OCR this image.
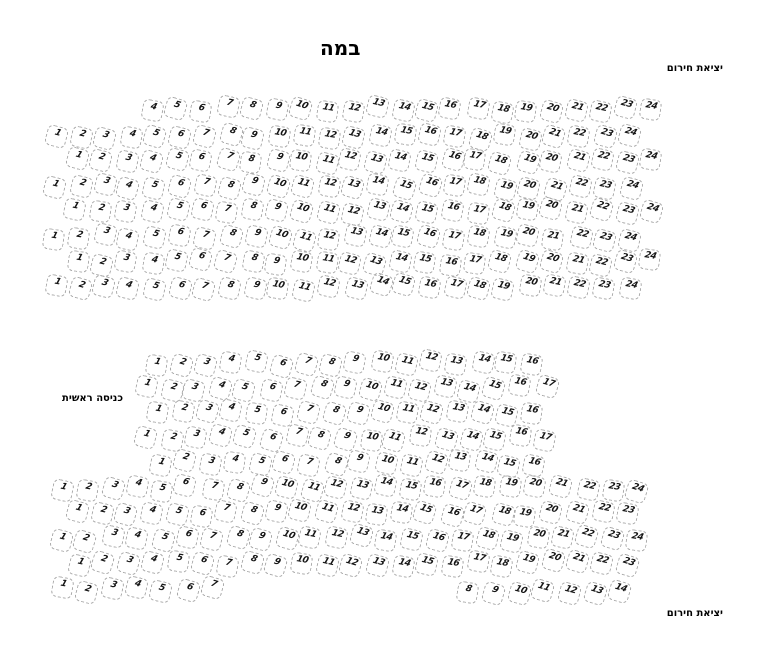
במה
יציאת חירום
כניסה ראשית
יציאת חירום
4 5 6 7 8 9 10 11 12 13 14 15 16 17 18 19 20 21 22 23 24
1 2 3 4 5 6 7 8 9 10 11 12 13 14 15 16 17 18 19 20 21 22 23 24
1 2 3 4 5 6 7 8 9 10 11 12 13 14 15 16 17 18 19 20 21 22 23 24
1 2 3 4 5 6 7 8 9 10 11 12 13 14 15 16 17 18 19 20 21 22 23 24
1 2 3 4 5 6 7 8 9 10 11 12 13 14 15 16 17 18 19 20 21 22 23 24
1 2 3 4 5 6 7 8 9 10 11 12 13 14 15 16 17 18 19 20 21 22 23 24
1 2 3 4 5 6 7 8 9 10 11 12 13 14 15 16 17 18 19 20 21 22 23 24
1 2 3 4 5 6 7 8 9 10 11 12 13 14 15 16 17 18 19 20 21 22 23 24
1 2 3 4 5 6 7 8 9 10 11 12 13 14 15 16
1 2 3 4 5 6 7 8 9 10 11 12 13 14 15 16 17
1 2 3 4 5 6 7 8 9 10 11 12 13 14 15 16
1 2 3 4 5 6 7 8 9 10 11 12 13 14 15 16 17
1 2 3 4 5 6 7 8 9 10 11 12 13 14 15 16
1 2 3 4 5
6 7 8 9 10 11 12 13 14 15 16 17 18 19 20 21 22 23 24
1 2 3 4 5 6 7 8 9 10 11 12 13 14 15 16 17 18 19 20 21 22 23
1 2 3 4 5 6 7 8 9 10 11 12 13 14 15 16 17 18 19 20 21 22 23 24
1 2 3 4 5 6 7 8 9 10 11 12 13 14 15 16 17 18 19 20 21 22 23
1 2 3 4 5 6 7	8 9 10 11 12 13 14
